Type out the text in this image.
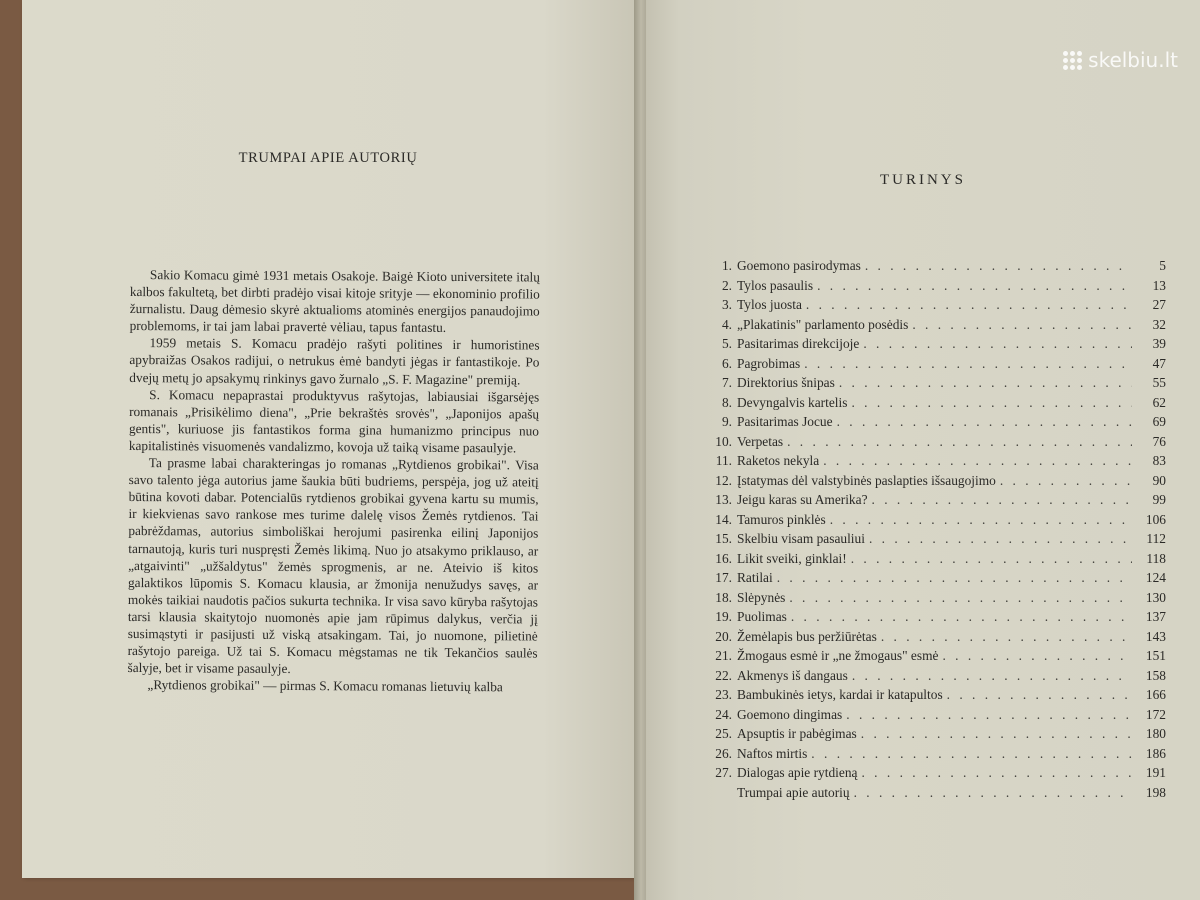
TRUMPAI APIE AUTORIŲ

Sakio Komacu gimė 1931 metais Osakoje. Baigė Kioto universitete italų kalbos fakultetą, bet dirbti pradėjo visai kitoje srityje — ekonominio profilio žurnalistu. Daug dėmesio skyrė aktualioms atominės energijos panaudojimo problemoms, ir tai jam labai pravertė vėliau, tapus fantastu.

1959 metais S. Komacu pradėjo rašyti politines ir humoristines apybraižas Osakos radijui, o netrukus ėmė bandyti jėgas ir fantastikoje. Po dvejų metų jo apsakymų rinkinys gavo žurnalo „S. F. Magazine" premiją.

S. Komacu nepaprastai produktyvus rašytojas, labiausiai išgarsėjęs romanais „Prisikėlimo diena", „Prie bekraštės srovės", „Japonijos apašų gentis", kuriuose jis fantastikos forma gina humanizmo principus nuo kapitalistinės visuomenės vandalizmo, kovoja už taiką visame pasaulyje.

Ta prasme labai charakteringas jo romanas „Rytdienos grobikai". Visa savo talento jėga autorius jame šaukia būti budriems, perspėja, jog už ateitį būtina kovoti dabar. Potencialūs rytdienos grobikai gyvena kartu su mumis, ir kiekvienas savo rankose mes turime dalelę visos Žemės rytdienos. Tai pabrėždamas, autorius simboliškai herojumi pasirenka eilinį Japonijos tarnautoją, kuris turi nuspręsti Žemės likimą. Nuo jo atsakymo priklauso, ar „atgaivinti" „užšaldytus" žemės sprogmenis, ar ne. Ateivio iš kitos galaktikos lūpomis S. Komacu klausia, ar žmonija nenužudys savęs, ar mokės taikiai naudotis pačios sukurta technika. Ir visa savo kūryba rašytojas tarsi klausia skaitytojo nuomonės apie jam rūpimus dalykus, verčia jį susimąstyti ir pasijusti už viską atsakingam. Tai, jo nuomone, pilietinė rašytojo pareiga. Už tai S. Komacu mėgstamas ne tik Tekančios saulės šalyje, bet ir visame pasaulyje.

„Rytdienos grobikai" — pirmas S. Komacu romanas lietuvių kalba

TURINYS
1. Goemono pasirodymas . . .	5
2. Tylos pasaulis . . .	13
3. Tylos juosta . . .	27
4. „Plakatinis" parlamento posėdis . . .	32
5. Pasitarimas direkcijoje . . .	39
6. Pagrobimas . . .	47
7. Direktorius šnipas . . .	55
8. Devyngalvis kartelis . . .	62
9. Pasitarimas Jocue . . .	69
10. Verpetas . . .	76
11. Raketos nekyla . . .	83
12. Įstatymas dėl valstybinės paslapties išsaugojimo . . .	90
13. Jeigu karas su Amerika? . . .	99
14. Tamuros pinklės . . .	106
15. Skelbiu visam pasauliui . . .	112
16. Likit sveiki, ginklai! . . .	118
17. Ratilai . . .	124
18. Slėpynės . . .	130
19. Puolimas . . .	137
20. Žemėlapis bus peržiūrėtas . . .	143
21. Žmogaus esmė ir „ne žmogaus" esmė . . .	151
22. Akmenys iš dangaus . . .	158
23. Bambukinės ietys, kardai ir katapultos . . .	166
24. Goemono dingimas . . .	172
25. Apsuptis ir pabėgimas . . .	180
26. Naftos mirtis . . .	186
27. Dialogas apie rytdieną . . .	191
Trumpai apie autorių . . .	198
skelbiu.lt
